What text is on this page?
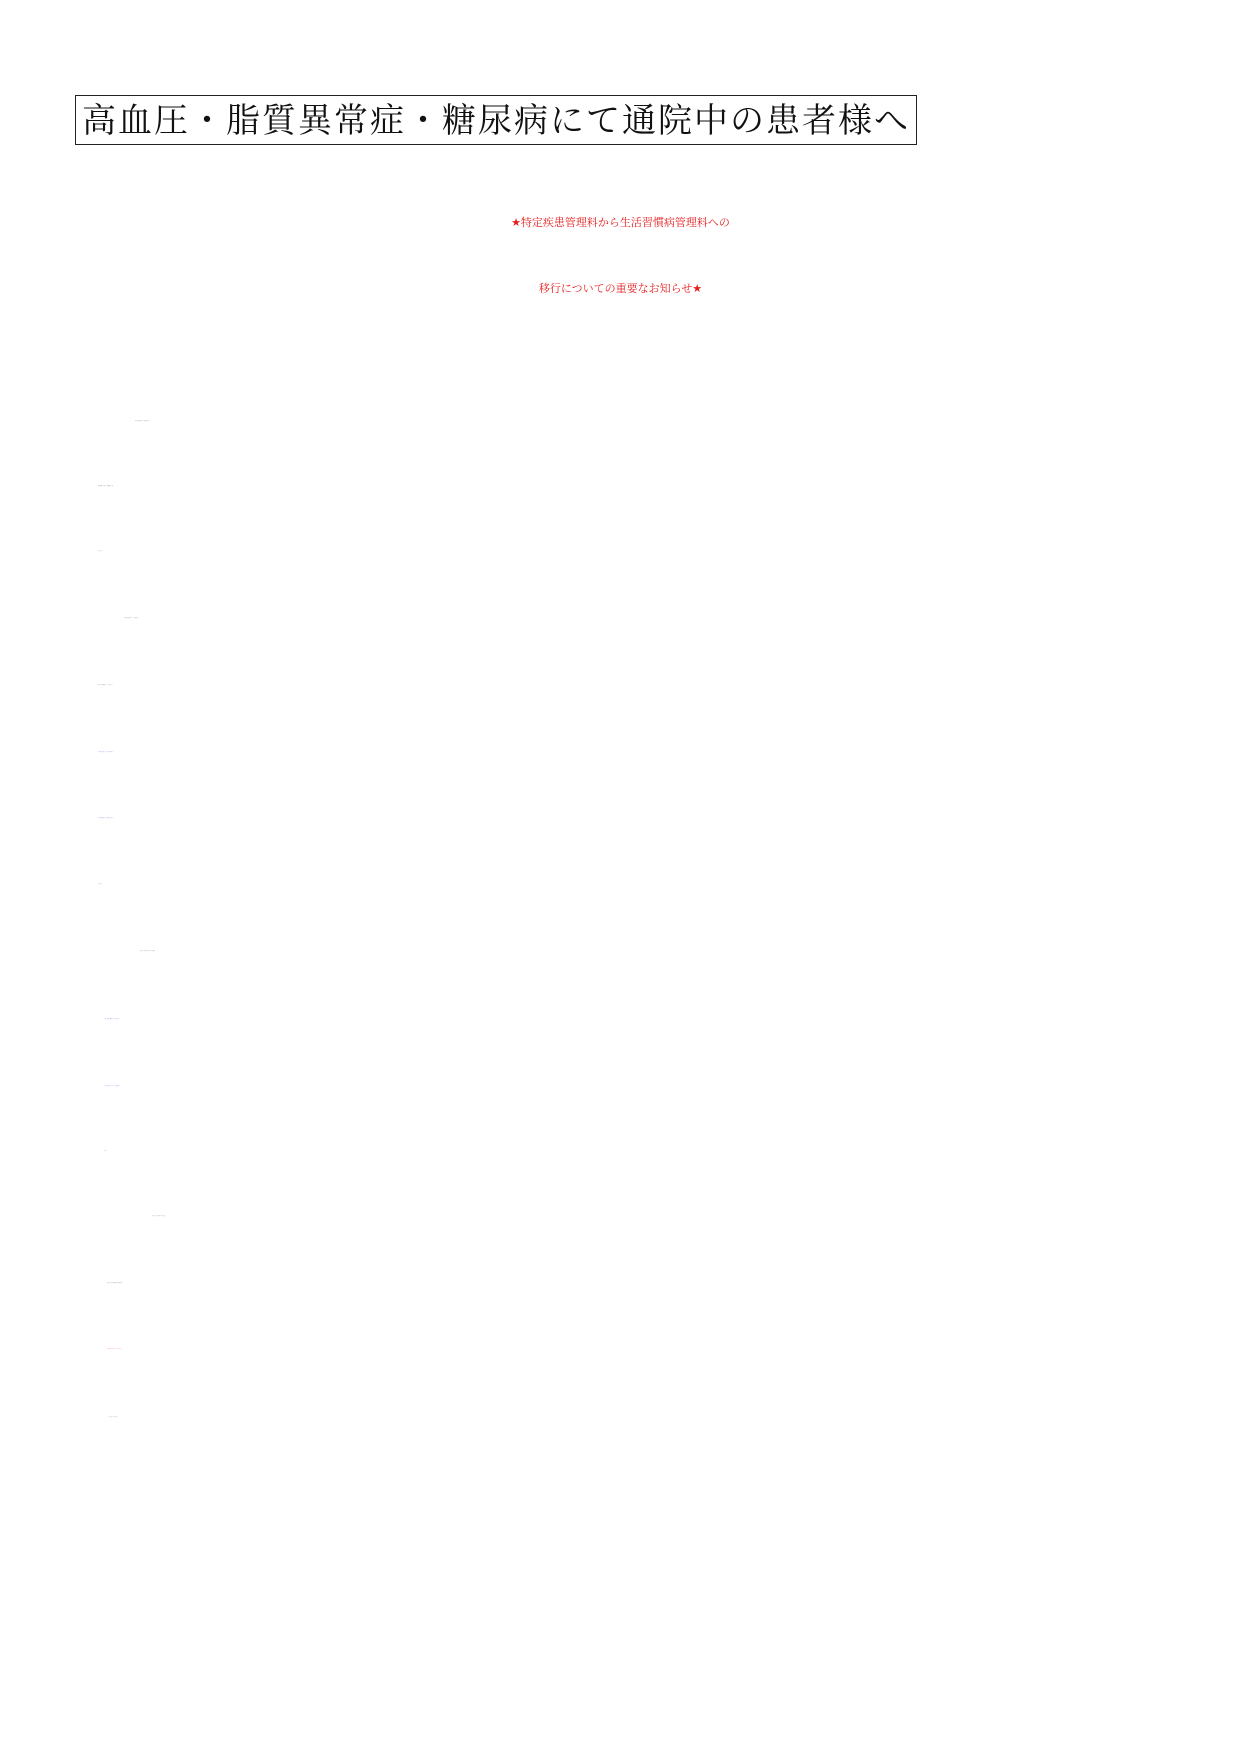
高血圧・脂質異常症・糖尿病にて通院中の患者様へ
★特定疾患管理料から生活習慣病管理料への
移行についての重要なお知らせ★
